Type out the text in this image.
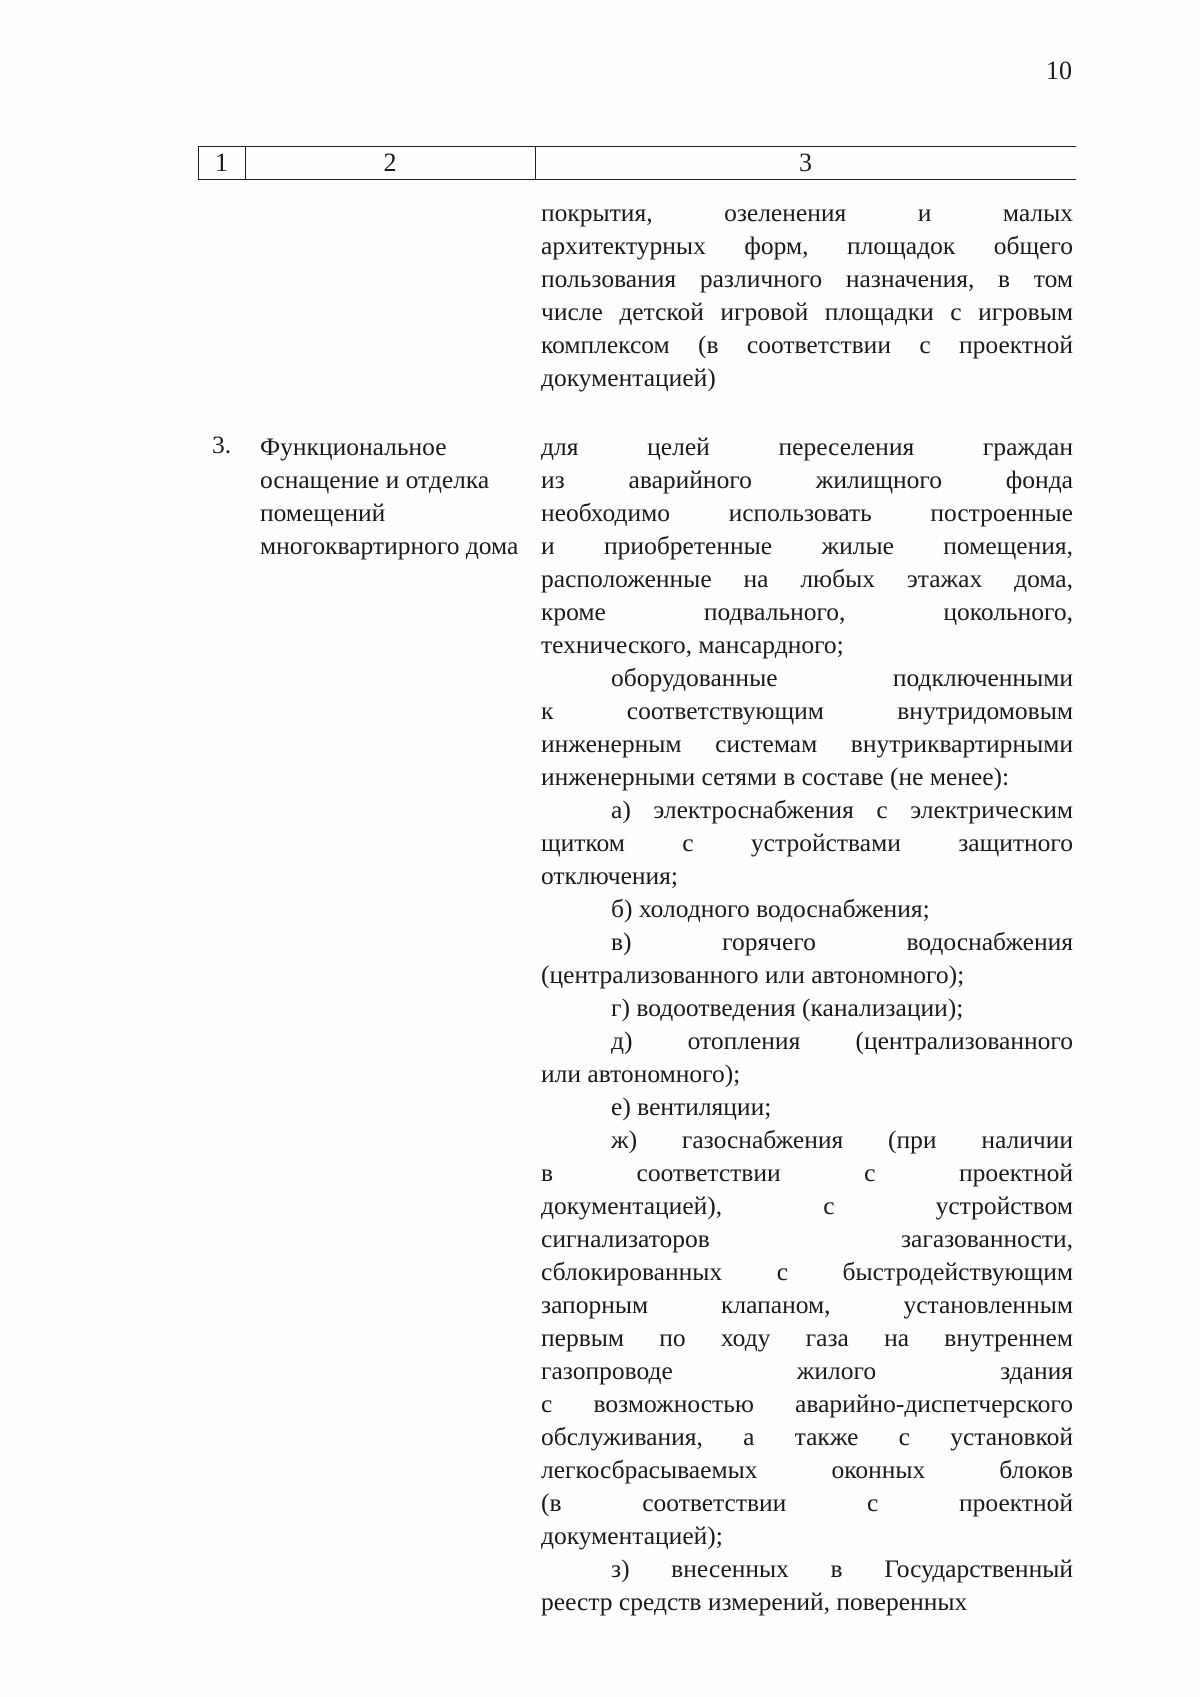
10
1	2	3

покрытия, озеленения и малых
архитектурных форм, площадок общего
пользования различного назначения, в том
числе детской игровой площадки с игровым
комплексом (в соответствии с проектной
документацией)

3. Функциональное оснащение и отделка помещений многоквартирного дома

для целей переселения граждан
из аварийного жилищного фонда
необходимо использовать построенные
и приобретенные жилые помещения,
расположенные на любых этажах дома,
кроме подвального, цокольного,
технического, мансардного;

оборудованные подключенными
к соответствующим внутридомовым
инженерным системам внутриквартирными
инженерными сетями в составе (не менее):

а) электроснабжения с электрическим
щитком с устройствами защитного
отключения;

б) холодного водоснабжения;

в) горячего водоснабжения
(централизованного или автономного);

г) водоотведения (канализации);

д) отопления (централизованного
или автономного);

е) вентиляции;

ж) газоснабжения (при наличии
в соответствии с проектной
документацией), с устройством
сигнализаторов загазованности,
сблокированных с быстродействующим
запорным клапаном, установленным
первым по ходу газа на внутреннем
газопроводе жилого здания
с возможностью аварийно-диспетчерского
обслуживания, а также с установкой
легкосбрасываемых оконных блоков
(в соответствии с проектной
документацией);

з) внесенных в Государственный
реестр средств измерений, поверенных
